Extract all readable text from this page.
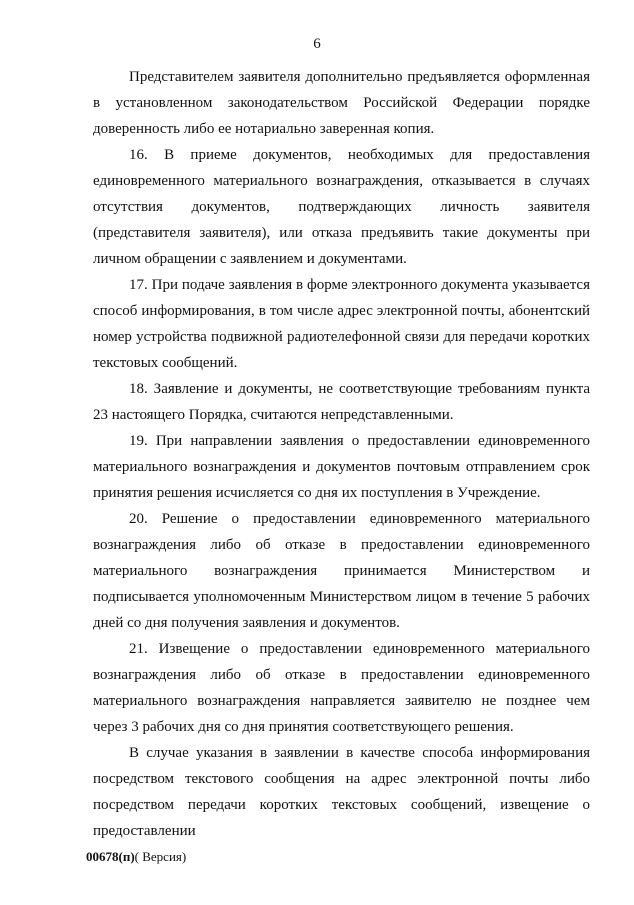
6

Представителем заявителя дополнительно предъявляется оформленная в установленном законодательством Российской Федерации порядке доверенность либо ее нотариально заверенная копия.

16. В приеме документов, необходимых для предоставления единовременного материального вознаграждения, отказывается в случаях отсутствия документов, подтверждающих личность заявителя (представителя заявителя), или отказа предъявить такие документы при личном обращении с заявлением и документами.

17. При подаче заявления в форме электронного документа указывается способ информирования, в том числе адрес электронной почты, абонентский номер устройства подвижной радиотелефонной связи для передачи коротких текстовых сообщений.

18. Заявление и документы, не соответствующие требованиям пункта 23 настоящего Порядка, считаются непредставленными.

19. При направлении заявления о предоставлении единовременного материального вознаграждения и документов почтовым отправлением срок принятия решения исчисляется со дня их поступления в Учреждение.

20. Решение о предоставлении единовременного материального вознаграждения либо об отказе в предоставлении единовременного материального вознаграждения принимается Министерством и подписывается уполномоченным Министерством лицом в течение 5 рабочих дней со дня получения заявления и документов.

21. Извещение о предоставлении единовременного материального вознаграждения либо об отказе в предоставлении единовременного материального вознаграждения направляется заявителю не позднее чем через 3 рабочих дня со дня принятия соответствующего решения.

В случае указания в заявлении в качестве способа информирования посредством текстового сообщения на адрес электронной почты либо посредством передачи коротких текстовых сообщений, извещение о предоставлении

00678(п)( Версия)
